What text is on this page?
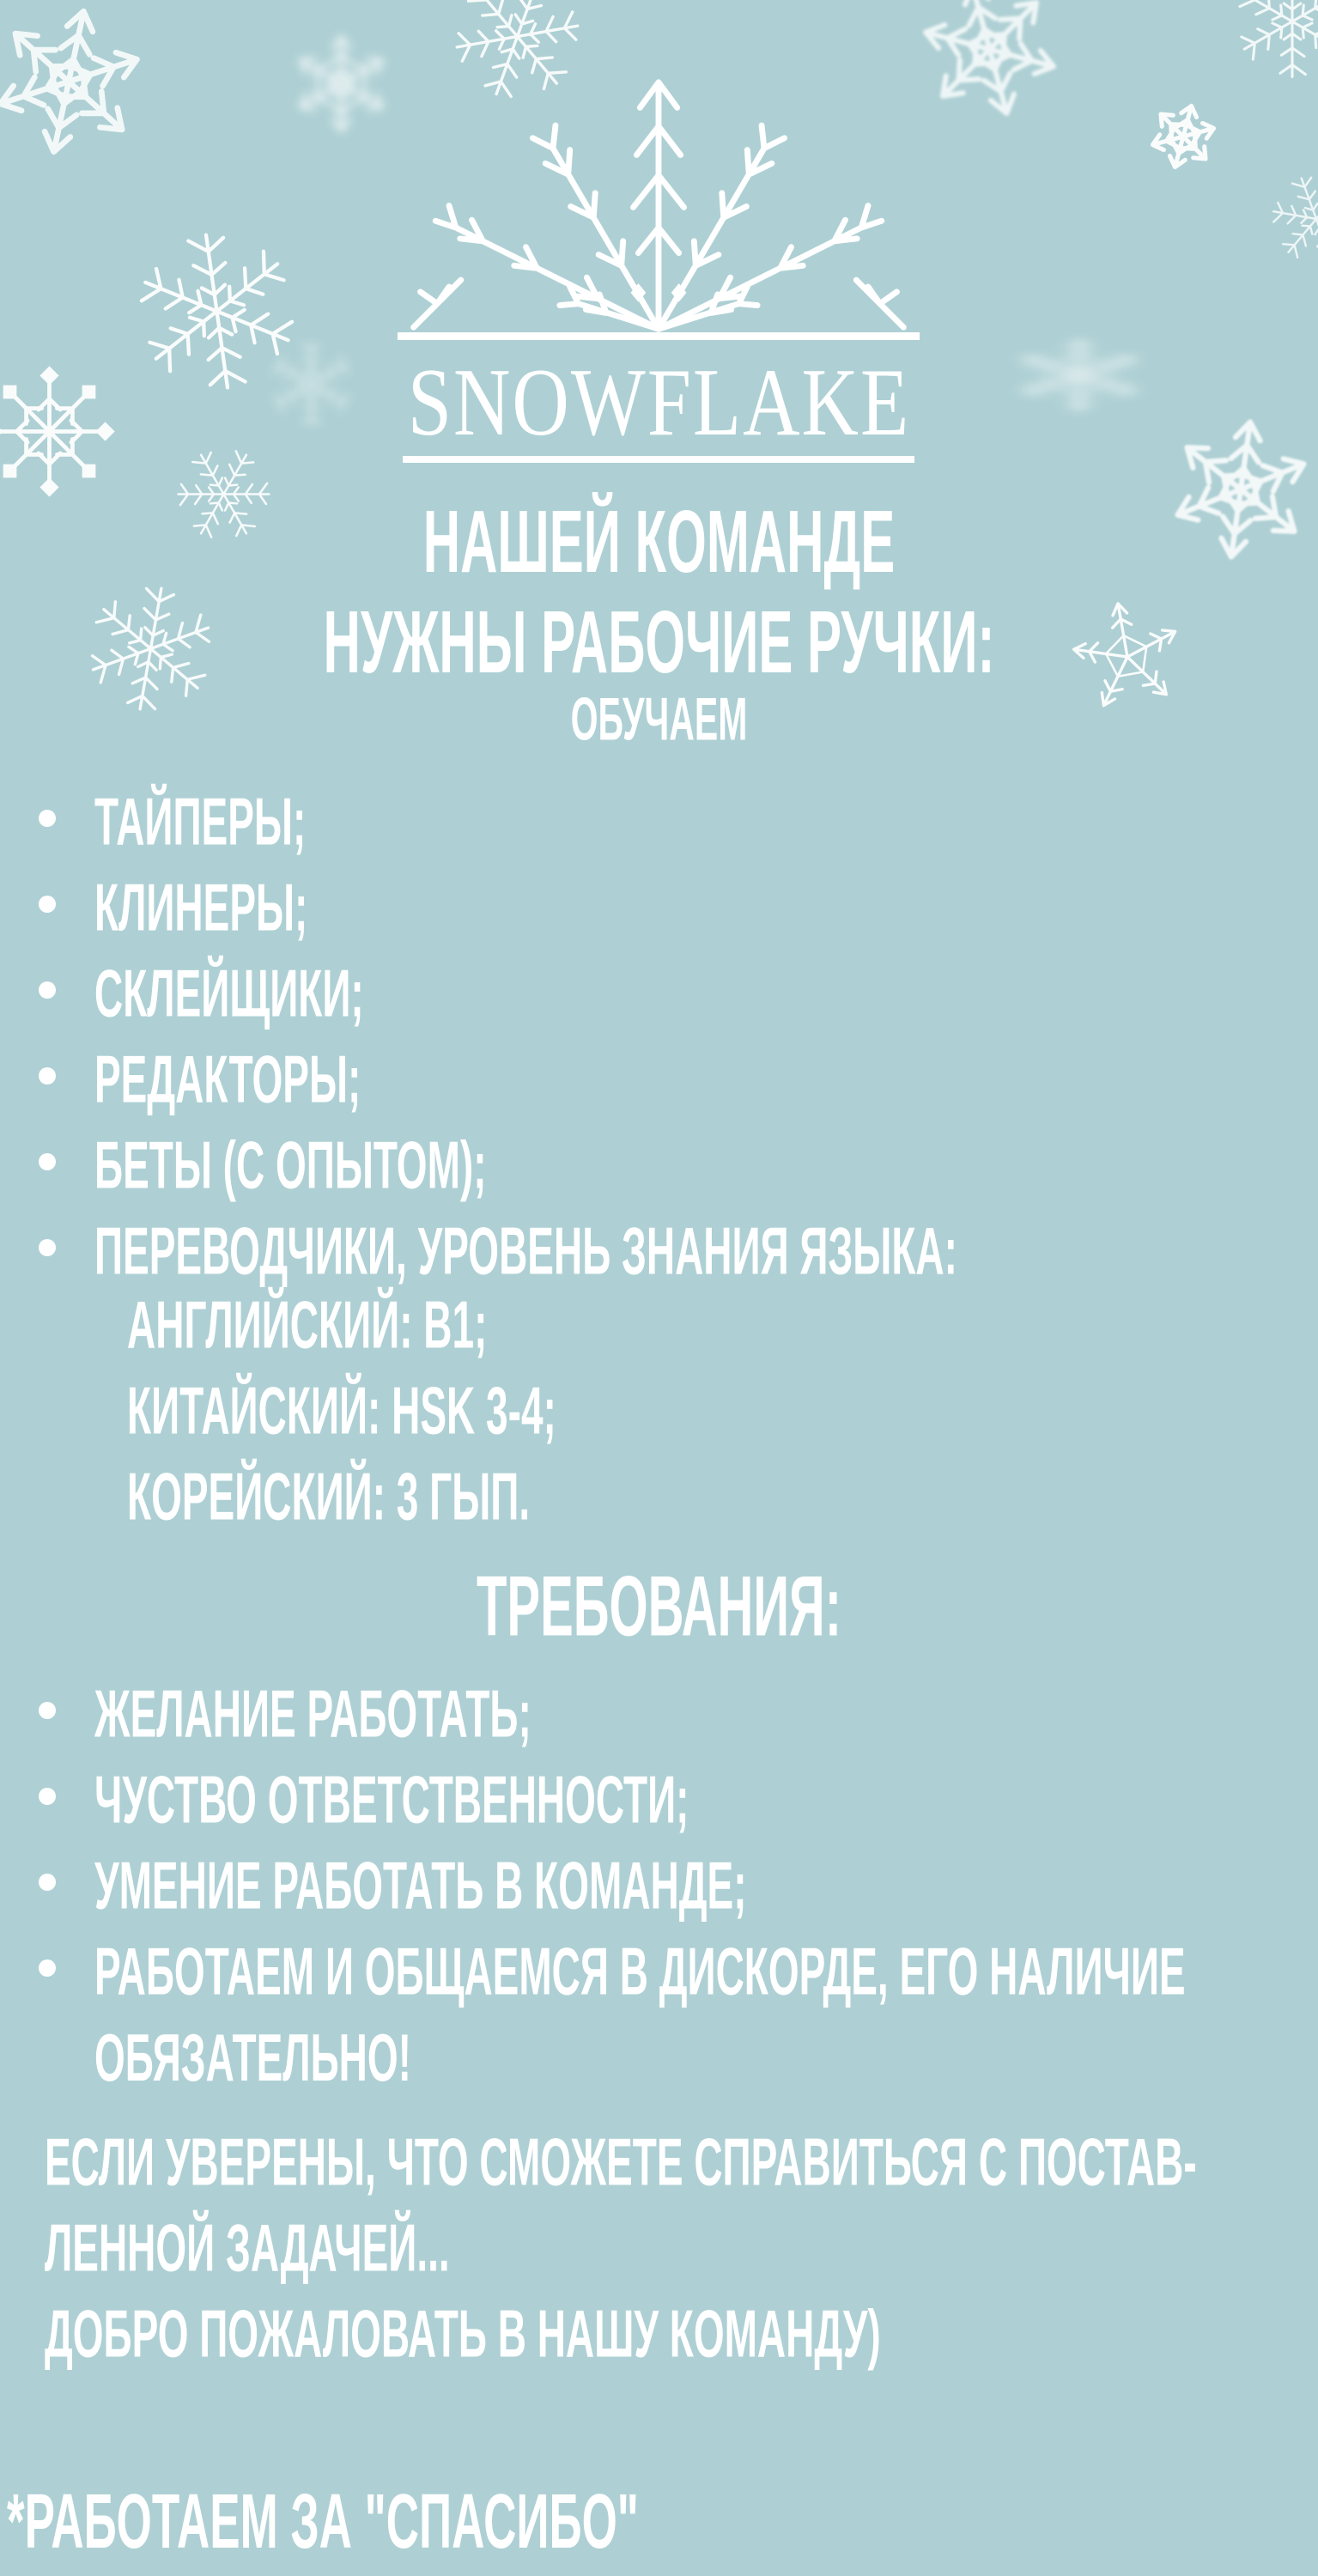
SNOWFLAKE
НАШЕЙ КОМАНДЕ
НУЖНЫ РАБОЧИЕ РУЧКИ:
ОБУЧАЕМ
ТАЙПЕРЫ;
КЛИНЕРЫ;
СКЛЕЙЩИКИ;
РЕДАКТОРЫ;
БЕТЫ (С ОПЫТОМ);
ПЕРЕВОДЧИКИ, УРОВЕНЬ ЗНАНИЯ ЯЗЫКА:
АНГЛИЙСКИЙ: B1;
КИТАЙСКИЙ: HSK 3-4;
КОРЕЙСКИЙ: 3 ГЫП.
ТРЕБОВАНИЯ:
ЖЕЛАНИЕ РАБОТАТЬ;
ЧУСТВО ОТВЕТСТВЕННОСТИ;
УМЕНИЕ РАБОТАТЬ В КОМАНДЕ;
РАБОТАЕМ И ОБЩАЕМСЯ В ДИСКОРДЕ, ЕГО НАЛИЧИЕ ОБЯЗАТЕЛЬНО!
ЕСЛИ УВЕРЕНЫ, ЧТО СМОЖЕТЕ СПРАВИТЬСЯ С ПОСТАВ-
ЛЕННОЙ ЗАДАЧЕЙ...
ДОБРО ПОЖАЛОВАТЬ В НАШУ КОМАНДУ)
*РАБОТАЕМ ЗА "СПАСИБО"
